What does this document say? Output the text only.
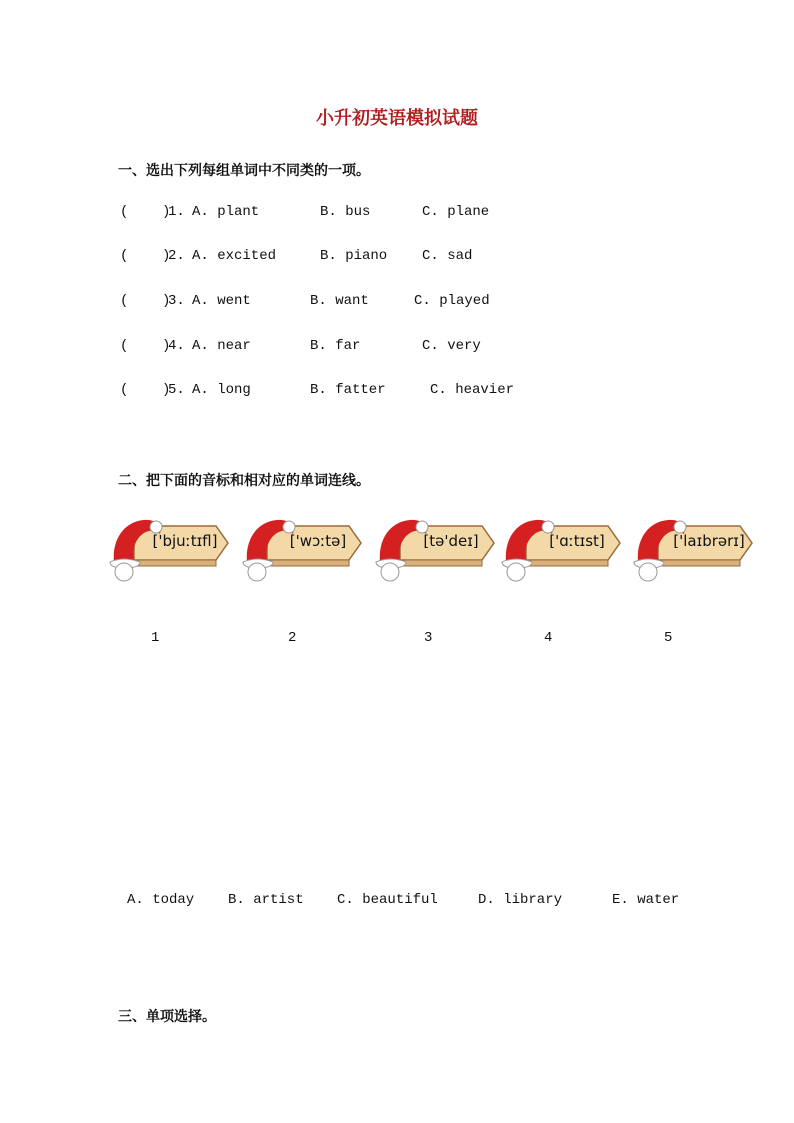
小升初英语模拟试题
一、选出下列每组单词中不同类的一项。
(    )
1. A. plant	B. bus	C. plane
(    )
2. A. excited	B. piano C. sad
(    )
3. A. went	B. want	C. played
(    )
4. A. near	B. far	C. very
(    )
5. A. long	B. fatter	C. heavier
二、把下面的音标和相对应的单词连线。
['bjuːtɪfl]	['wɔːtə]	[tə'deɪ]	['ɑːtɪst]	['laɪbrərɪ]
1	2	3	4	5
A. today B. artist C. beautiful	D. library	E. water
三、单项选择。
